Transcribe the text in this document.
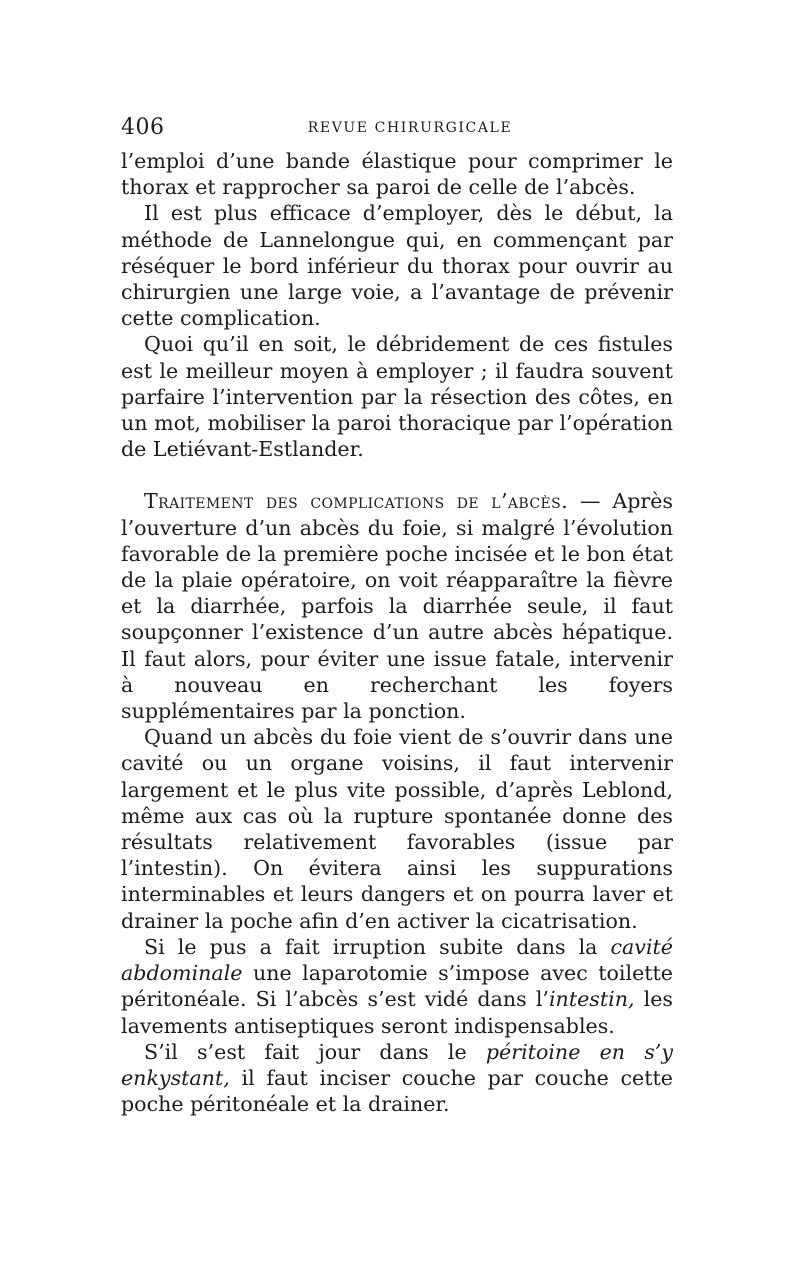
406	REVUE CHIRURGICALE

l’emploi d’une bande élastique pour comprimer le thorax et rapprocher sa paroi de celle de l’abcès.

Il est plus efficace d’employer, dès le début, la méthode de Lannelongue qui, en commençant par réséquer le bord inférieur du thorax pour ouvrir au chirurgien une large voie, a l’avantage de prévenir cette complication.

Quoi qu’il en soit, le débridement de ces fistules est le meilleur moyen à employer ; il faudra souvent parfaire l’intervention par la résection des côtes, en un mot, mobiliser la paroi thoracique par l’opération de Letiévant-Estlander.

Traitement des complications de l’abcès. — Après l’ouverture d’un abcès du foie, si malgré l’évolution favorable de la première poche incisée et le bon état de la plaie opératoire, on voit réapparaître la fièvre et la diarrhée, parfois la diarrhée seule, il faut soupçonner l’existence d’un autre abcès hépatique. Il faut alors, pour éviter une issue fatale, intervenir à nouveau en recherchant les foyers supplémentaires par la ponction.

Quand un abcès du foie vient de s’ouvrir dans une cavité ou un organe voisins, il faut intervenir largement et le plus vite possible, d’après Leblond, même aux cas où la rupture spontanée donne des résultats relativement favorables (issue par l’intestin). On évitera ainsi les suppurations interminables et leurs dangers et on pourra laver et drainer la poche afin d’en activer la cicatrisation.

Si le pus a fait irruption subite dans la cavité abdominale une laparotomie s’impose avec toilette péritonéale. Si l’abcès s’est vidé dans l’intestin, les lavements antiseptiques seront indispensables.

S’il s’est fait jour dans le péritoine en s’y enkystant, il faut inciser couche par couche cette poche péritonéale et la drainer.
